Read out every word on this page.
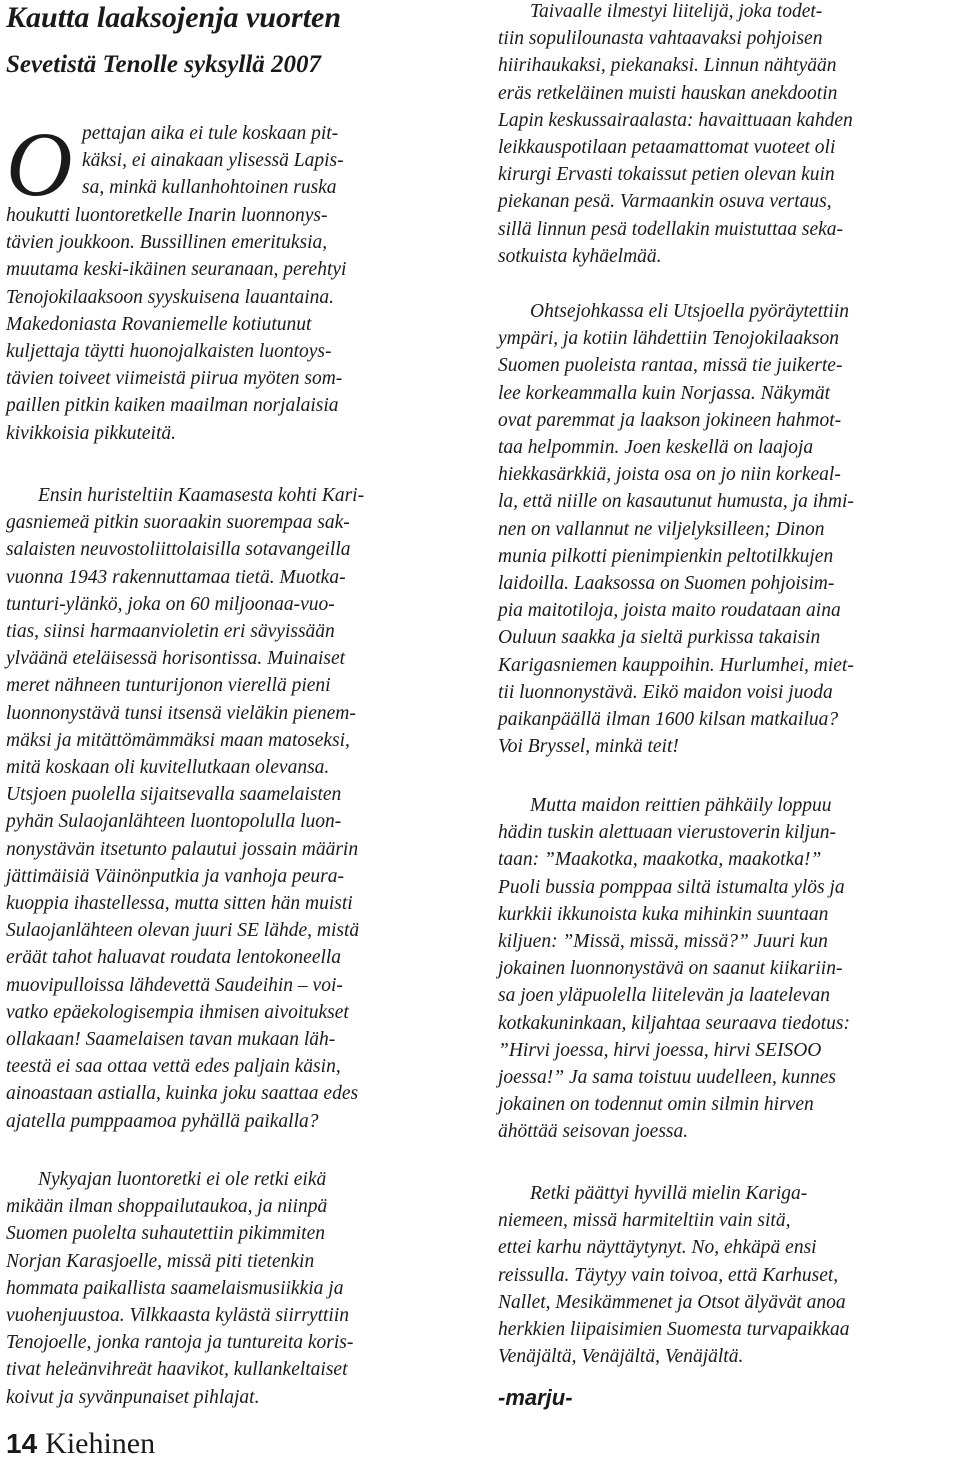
Kautta laaksojenja vuorten
Sevetistä Tenolle syksyllä 2007
O pettajan aika ei tule koskaan pit-
käksi, ei ainakaan ylisessä Lapis-
sa, minkä kullanhohtoinen ruska
houkutti luontoretkelle Inarin luonnonys-
tävien joukkoon. Bussillinen emerituksia,
muutama keski-ikäinen seuranaan, perehtyi
Tenojokilaaksoon syyskuisena lauantaina.
Makedoniasta Rovaniemelle kotiutunut
kuljettaja täytti huonojalkaisten luontoys-
tävien toiveet viimeistä piirua myöten som-
paillen pitkin kaiken maailman norjalaisia
kivikkoisia pikkuteitä.
Ensin huristeltiin Kaamasesta kohti Kari-
gasniemeä pitkin suoraakin suorempaa sak-
salaisten neuvostoliittolaisilla sotavangeilla
vuonna 1943 rakennuttamaa tietä. Muotka-
tunturi-ylänkö, joka on 60 miljoonaa-vuo-
tias, siinsi harmaanvioletin eri sävyissään
ylväänä eteläisessä horisontissa. Muinaiset
meret nähneen tunturijonon vierellä pieni
luonnonystävä tunsi itsensä vieläkin pienem-
mäksi ja mitättömämmäksi maan matoseksi,
mitä koskaan oli kuvitellutkaan olevansa.
Utsjoen puolella sijaitsevalla saamelaisten
pyhän Sulaojanlähteen luontopolulla luon-
nonystävän itsetunto palautui jossain määrin
jättimäisiä Väinönputkia ja vanhoja peura-
kuoppia ihastellessa, mutta sitten hän muisti
Sulaojanlähteen olevan juuri SE lähde, mistä
eräät tahot haluavat roudata lentokoneella
muovipulloissa lähdevettä Saudeihin – voi-
vatko epäekologisempia ihmisen aivoitukset
ollakaan! Saamelaisen tavan mukaan läh-
teestä ei saa ottaa vettä edes paljain käsin,
ainoastaan astialla, kuinka joku saattaa edes
ajatella pumppaamoa pyhällä paikalla?
Nykyajan luontoretki ei ole retki eikä
mikään ilman shoppailutaukoa, ja niinpä
Suomen puolelta suhautettiin pikimmiten
Norjan Karasjoelle, missä piti tietenkin
hommata paikallista saamelaismusiikkia ja
vuohenjuustoa. Vilkkaasta kylästä siirryttiin
Tenojoelle, jonka rantoja ja tuntureita koris-
tivat heleänvihreät haavikot, kullankeltaiset
koivut ja syvänpunaiset pihlajat.
Taivaalle ilmestyi liitelijä, joka todet-
tiin sopulilounasta vahtaavaksi pohjoisen
hiirihaukaksi, piekanaksi. Linnun nähtyään
eräs retkeläinen muisti hauskan anekdootin
Lapin keskussairaalasta: havaittuaan kahden
leikkauspotilaan petaamattomat vuoteet oli
kirurgi Ervasti tokaissut petien olevan kuin
piekanan pesä. Varmaankin osuva vertaus,
sillä linnun pesä todellakin muistuttaa seka-
sotkuista kyhäelmää.
Ohtsejohkassa eli Utsjoella pyöräytettiin
ympäri, ja kotiin lähdettiin Tenojokilaakson
Suomen puoleista rantaa, missä tie juikerte-
lee korkeammalla kuin Norjassa. Näkymät
ovat paremmat ja laakson jokineen hahmot-
taa helpommin. Joen keskellä on laajoja
hiekkasärkkiä, joista osa on jo niin korkeal-
la, että niille on kasautunut humusta, ja ihmi-
nen on vallannut ne viljelyksilleen; Dinon
munia pilkotti pienimpienkin peltotilkkujen
laidoilla. Laaksossa on Suomen pohjoisim-
pia maitotiloja, joista maito roudataan aina
Ouluun saakka ja sieltä purkissa takaisin
Karigasniemen kauppoihin. Hurlumhei, miet-
tii luonnonystävä. Eikö maidon voisi juoda
paikanpäällä ilman 1600 kilsan matkailua?
Voi Bryssel, minkä teit!
Mutta maidon reittien pähkäily loppuu
hädin tuskin alettuaan vierustoverin kiljun-
taan: ”Maakotka, maakotka, maakotka!”
Puoli bussia pomppaa siltä istumalta ylös ja
kurkkii ikkunoista kuka mihinkin suuntaan
kiljuen: ”Missä, missä, missä?” Juuri kun
jokainen luonnonystävä on saanut kiikariin-
sa joen yläpuolella liitelevän ja laatelevan
kotkakuninkaan, kiljahtaa seuraava tiedotus:
”Hirvi joessa, hirvi joessa, hirvi SEISOO
joessa!” Ja sama toistuu uudelleen, kunnes
jokainen on todennut omin silmin hirven
ähöttää seisovan joessa.
Retki päättyi hyvillä mielin Kariga-
niemeen, missä harmiteltiin vain sitä,
ettei karhu näyttäytynyt. No, ehkäpä ensi
reissulla. Täytyy vain toivoa, että Karhuset,
Nallet, Mesikämmenet ja Otsot älyävät anoa
herkkien liipaisimien Suomesta turvapaikkaa
Venäjältä, Venäjältä, Venäjältä.
-marju-
14 Kiehinen
